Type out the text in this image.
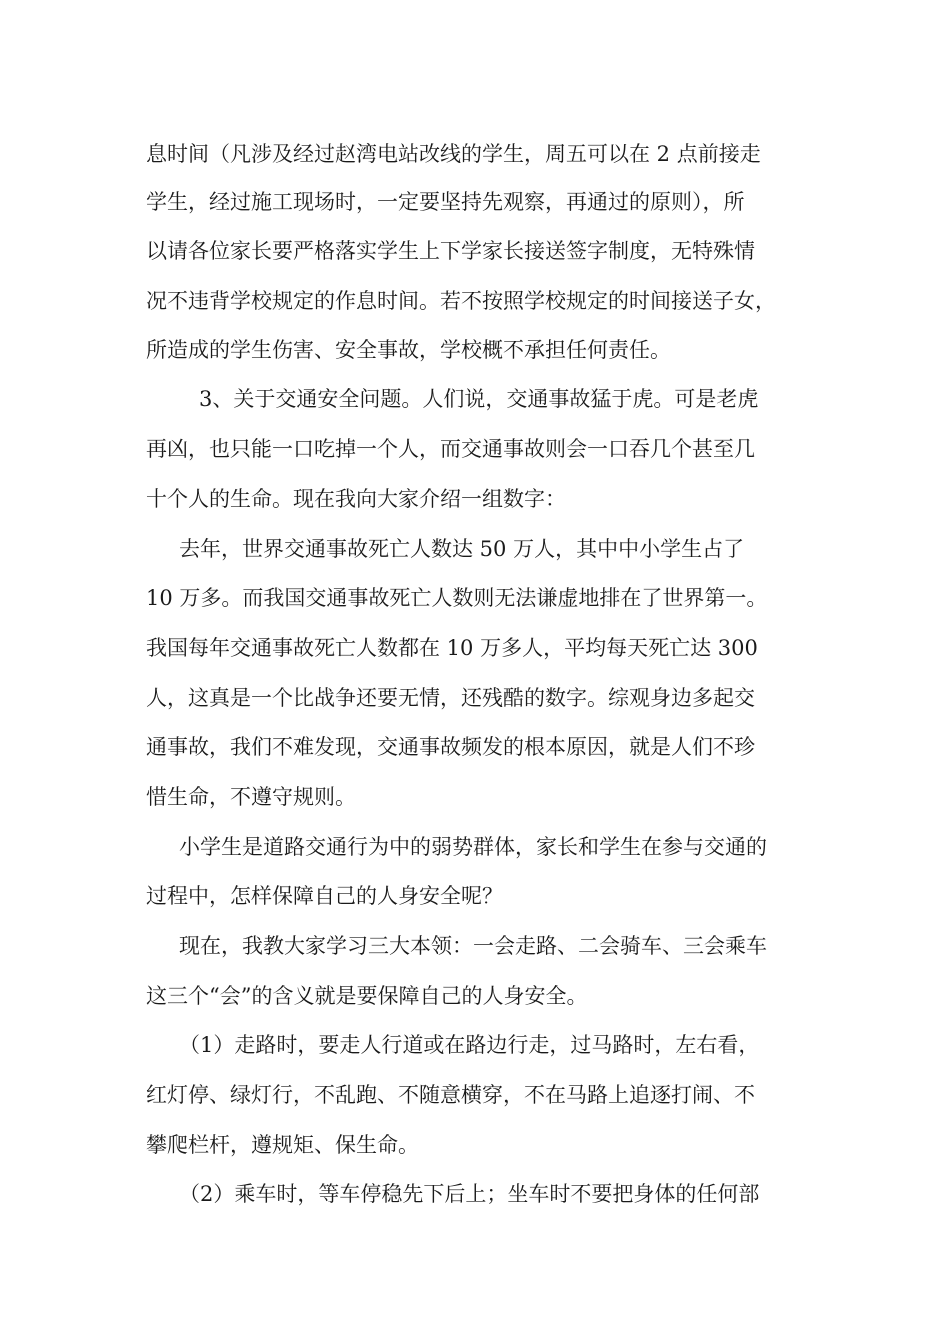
息时间（凡涉及经过赵湾电站改线的学生，周五可以在 2 点前接走
学生，经过施工现场时，一定要坚持先观察，再通过的原则），所
以请各位家长要严格落实学生上下学家长接送签字制度，无特殊情
况不违背学校规定的作息时间。若不按照学校规定的时间接送子女，
所造成的学生伤害、安全事故，学校概不承担任何责任。
3、关于交通安全问题。人们说，交通事故猛于虎。可是老虎
再凶，也只能一口吃掉一个人，而交通事故则会一口吞几个甚至几
十个人的生命。现在我向大家介绍一组数字：
去年，世界交通事故死亡人数达 50 万人，其中中小学生占了
10 万多。而我国交通事故死亡人数则无法谦虚地排在了世界第一。
我国每年交通事故死亡人数都在 10 万多人，平均每天死亡达 300
人，这真是一个比战争还要无情，还残酷的数字。综观身边多起交
通事故，我们不难发现，交通事故频发的根本原因，就是人们不珍
惜生命，不遵守规则。
小学生是道路交通行为中的弱势群体，家长和学生在参与交通的
过程中，怎样保障自己的人身安全呢？
现在，我教大家学习三大本领：一会走路、二会骑车、三会乘车
这三个“会”的含义就是要保障自己的人身安全。
（1）走路时，要走人行道或在路边行走，过马路时，左右看，
红灯停、绿灯行，不乱跑、不随意横穿，不在马路上追逐打闹、不
攀爬栏杆，遵规矩、保生命。
（2）乘车时，等车停稳先下后上；坐车时不要把身体的任何部
